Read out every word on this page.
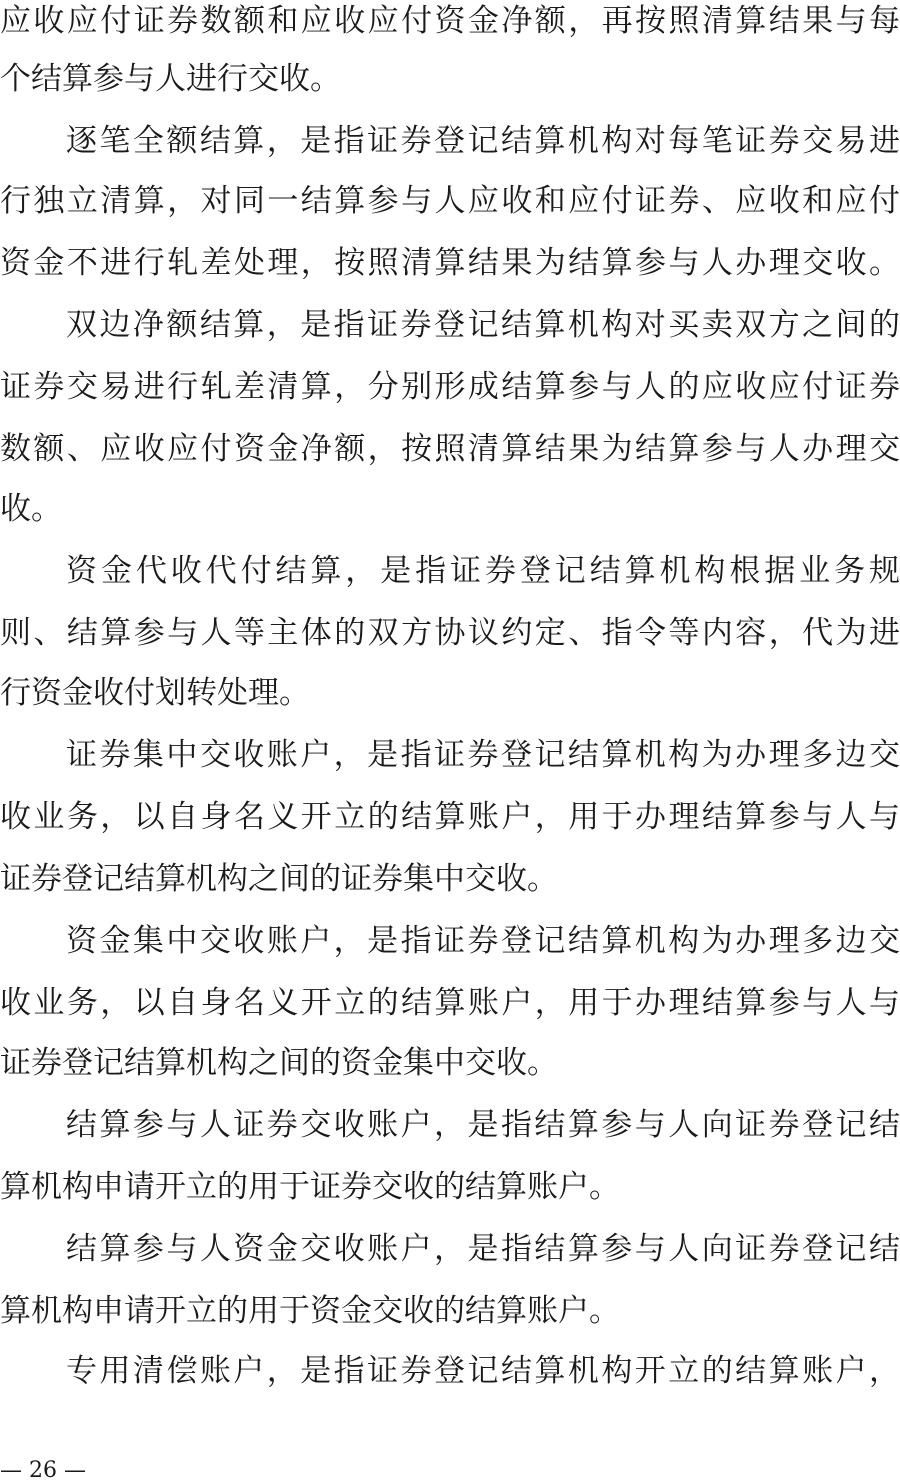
应收应付证券数额和应收应付资金净额，再按照清算结果与每
个结算参与人进行交收。
逐笔全额结算，是指证券登记结算机构对每笔证券交易进
行独立清算，对同一结算参与人应收和应付证券、应收和应付
资金不进行轧差处理，按照清算结果为结算参与人办理交收。
双边净额结算，是指证券登记结算机构对买卖双方之间的
证券交易进行轧差清算，分别形成结算参与人的应收应付证券
数额、应收应付资金净额，按照清算结果为结算参与人办理交
收。
资金代收代付结算，是指证券登记结算机构根据业务规
则、结算参与人等主体的双方协议约定、指令等内容，代为进
行资金收付划转处理。
证券集中交收账户，是指证券登记结算机构为办理多边交
收业务，以自身名义开立的结算账户，用于办理结算参与人与
证券登记结算机构之间的证券集中交收。
资金集中交收账户，是指证券登记结算机构为办理多边交
收业务，以自身名义开立的结算账户，用于办理结算参与人与
证券登记结算机构之间的资金集中交收。
结算参与人证券交收账户，是指结算参与人向证券登记结
算机构申请开立的用于证券交收的结算账户。
结算参与人资金交收账户，是指结算参与人向证券登记结
算机构申请开立的用于资金交收的结算账户。
专用清偿账户，是指证券登记结算机构开立的结算账户，
— 26 —
